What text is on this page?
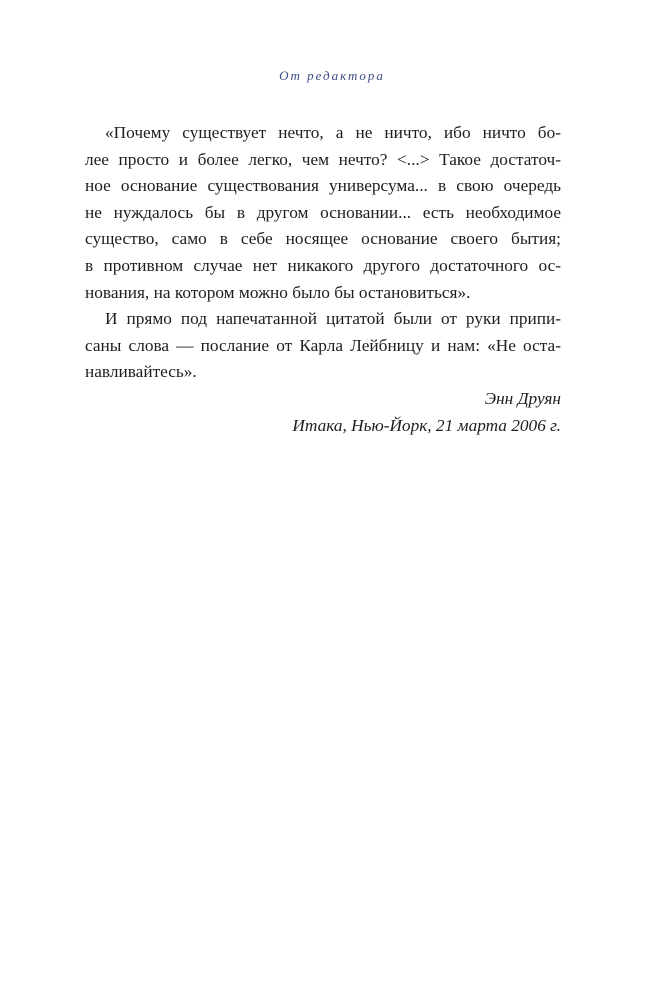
От редактора
«Почему существует нечто, а не ничто, ибо ничто бо-
лее просто и более легко, чем нечто? <...> Такое достаточ-
ное основание существования универсума... в свою очередь
не нуждалось бы в другом основании... есть необходимое
существо, само в себе носящее основание своего бытия;
в противном случае нет никакого другого достаточного ос-
нования, на котором можно было бы остановиться».
И прямо под напечатанной цитатой были от руки припи-
саны слова — послание от Карла Лейбницу и нам: «Не оста-
навливайтесь».
Энн Друян
Итака, Нью-Йорк, 21 марта 2006 г.
